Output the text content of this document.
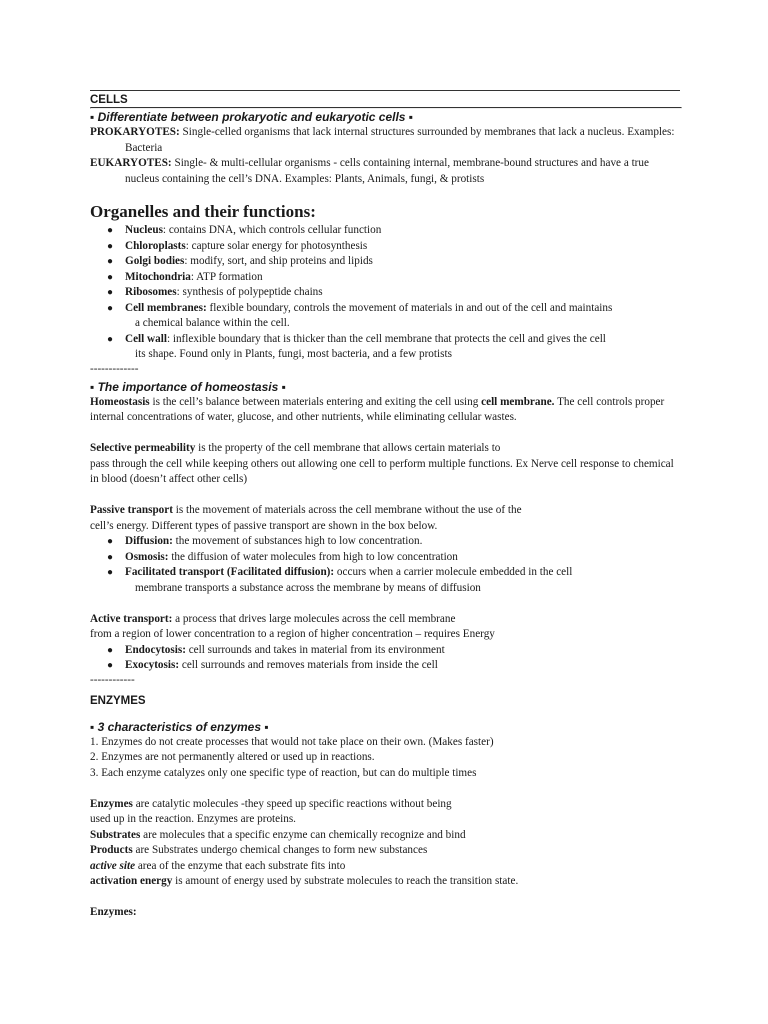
CELLS
▪ Differentiate between prokaryotic and eukaryotic cells ▪

PROKARYOTES: Single-celled organisms that lack internal structures surrounded by membranes that lack a nucleus. Examples: Bacteria

EUKARYOTES: Single- & multi-cellular organisms - cells containing internal, membrane-bound structures and have a true nucleus containing the cell’s DNA. Examples: Plants, Animals, fungi, & protists

Organelles and their functions:
● Nucleus: contains DNA, which controls cellular function
● Chloroplasts: capture solar energy for photosynthesis
● Golgi bodies: modify, sort, and ship proteins and lipids
● Mitochondria: ATP formation
● Ribosomes: synthesis of polypeptide chains
● Cell membranes: flexible boundary, controls the movement of materials in and out of the cell and maintains
a chemical balance within the cell.
● Cell wall: inflexible boundary that is thicker than the cell membrane that protects the cell and gives the cell
its shape. Found only in Plants, fungi, most bacteria, and a few protists
-------------
▪ The importance of homeostasis ▪

Homeostasis is the cell’s balance between materials entering and exiting the cell using cell membrane. The cell controls proper internal concentrations of water, glucose, and other nutrients, while eliminating cellular wastes.

Selective permeability is the property of the cell membrane that allows certain materials to
pass through the cell while keeping others out allowing one cell to perform multiple functions. Ex Nerve cell response to chemical in blood (doesn’t affect other cells)

Passive transport is the movement of materials across the cell membrane without the use of the
cell’s energy. Different types of passive transport are shown in the box below.

● Diffusion: the movement of substances high to low concentration.
● Osmosis: the diffusion of water molecules from high to low concentration
● Facilitated transport (Facilitated diffusion): occurs when a carrier molecule embedded in the cell
membrane transports a substance across the membrane by means of diffusion

Active transport: a process that drives large molecules across the cell membrane
from a region of lower concentration to a region of higher concentration – requires Energy

● Endocytosis: cell surrounds and takes in material from its environment
● Exocytosis: cell surrounds and removes materials from inside the cell
------------
ENZYMES
▪ 3 characteristics of enzymes ▪

1. Enzymes do not create processes that would not take place on their own. (Makes faster)

2. Enzymes are not permanently altered or used up in reactions.

3. Each enzyme catalyzes only one specific type of reaction, but can do multiple times

Enzymes are catalytic molecules -they speed up specific reactions without being
used up in the reaction. Enzymes are proteins.

Substrates are molecules that a specific enzyme can chemically recognize and bind

Products are Substrates undergo chemical changes to form new substances

active site area of the enzyme that each substrate fits into

activation energy is amount of energy used by substrate molecules to reach the transition state.

Enzymes:
